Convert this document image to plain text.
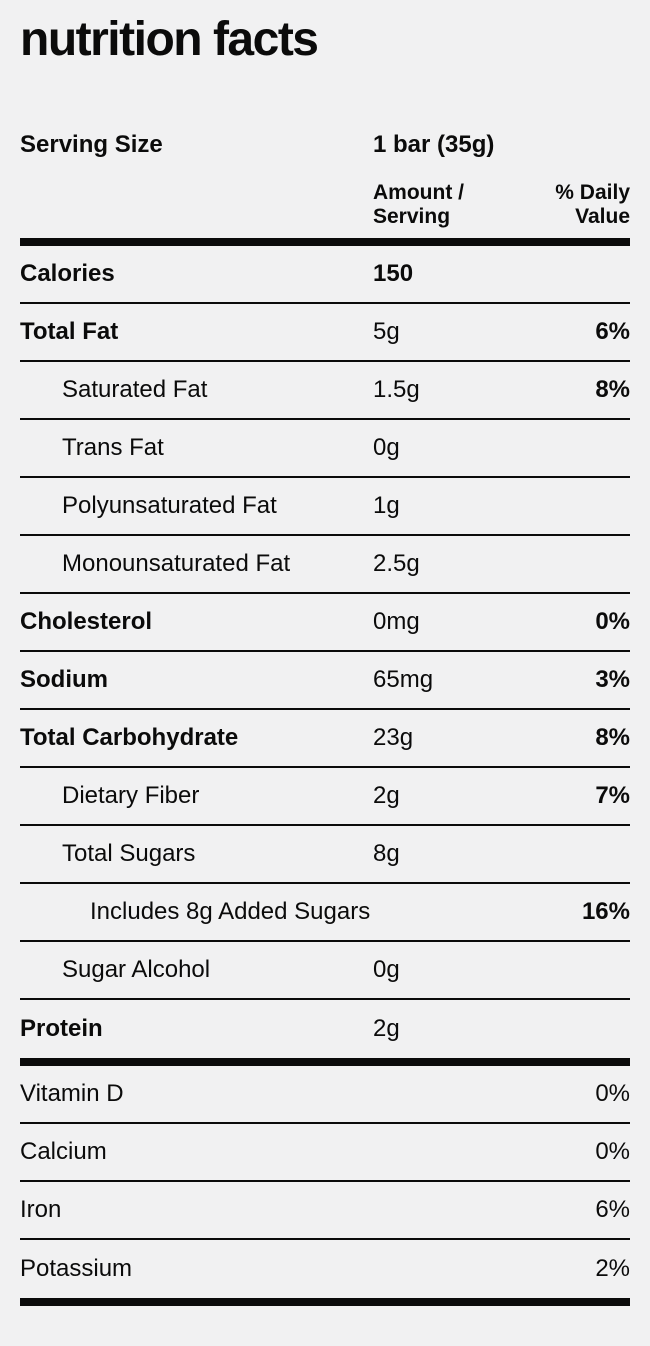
nutrition facts
Serving Size	1 bar (35g)
Amount / Serving
% Daily Value
Calories	150
Total Fat	5g	6%
Saturated Fat	1.5g	8%
Trans Fat	0g
Polyunsaturated Fat	1g
Monounsaturated Fat	2.5g
Cholesterol	0mg	0%
Sodium	65mg	3%
Total Carbohydrate	23g	8%
Dietary Fiber	2g	7%
Total Sugars	8g
Includes 8g Added Sugars	16%
Sugar Alcohol	0g
Protein	2g
Vitamin D	0%
Calcium	0%
Iron	6%
Potassium	2%
